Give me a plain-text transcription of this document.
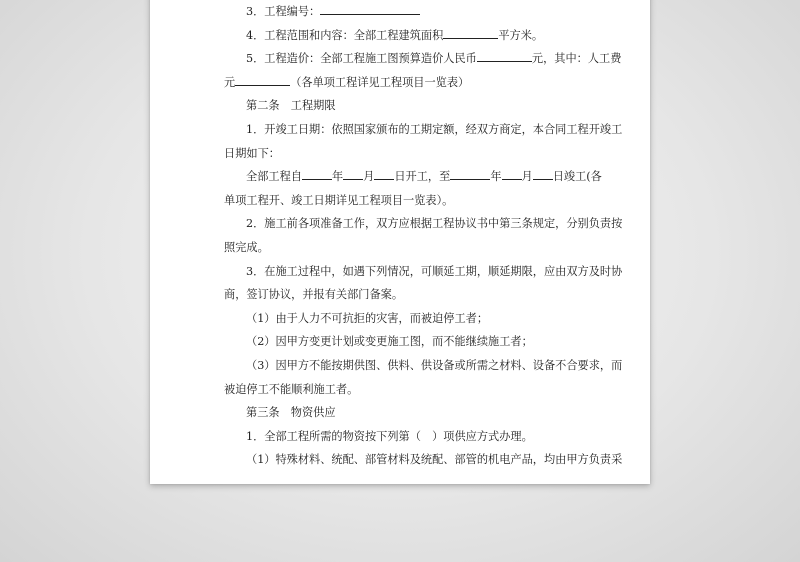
3．工程编号：
4．工程范围和内容：全部工程建筑面积	平方米。
5．工程造价：全部工程施工图预算造价人民币	元，其中：人工费
元	（各单项工程详见工程项目一览表）
第二条　工程期限
1．开竣工日期：依照国家颁布的工期定额，经双方商定，本合同工程开竣工
日期如下：
全部工程自	年 月 日开工，至	年 月 日竣工(各
单项工程开、竣工日期详见工程项目一览表）。
2．施工前各项准备工作，双方应根据工程协议书中第三条规定，分别负责按
照完成。
3．在施工过程中，如遇下列情况，可顺延工期，顺延期限，应由双方及时协
商，签订协议，并报有关部门备案。
（1）由于人力不可抗拒的灾害，而被迫停工者；
（2）因甲方变更计划或变更施工图，而不能继续施工者；
（3）因甲方不能按期供图、供料、供设备或所需之材料、设备不合要求，而
被迫停工不能顺利施工者。
第三条　物资供应
1．全部工程所需的物资按下列第（　）项供应方式办理。
（1）特殊材料、统配、部管材料及统配、部管的机电产品，均由甲方负责采
